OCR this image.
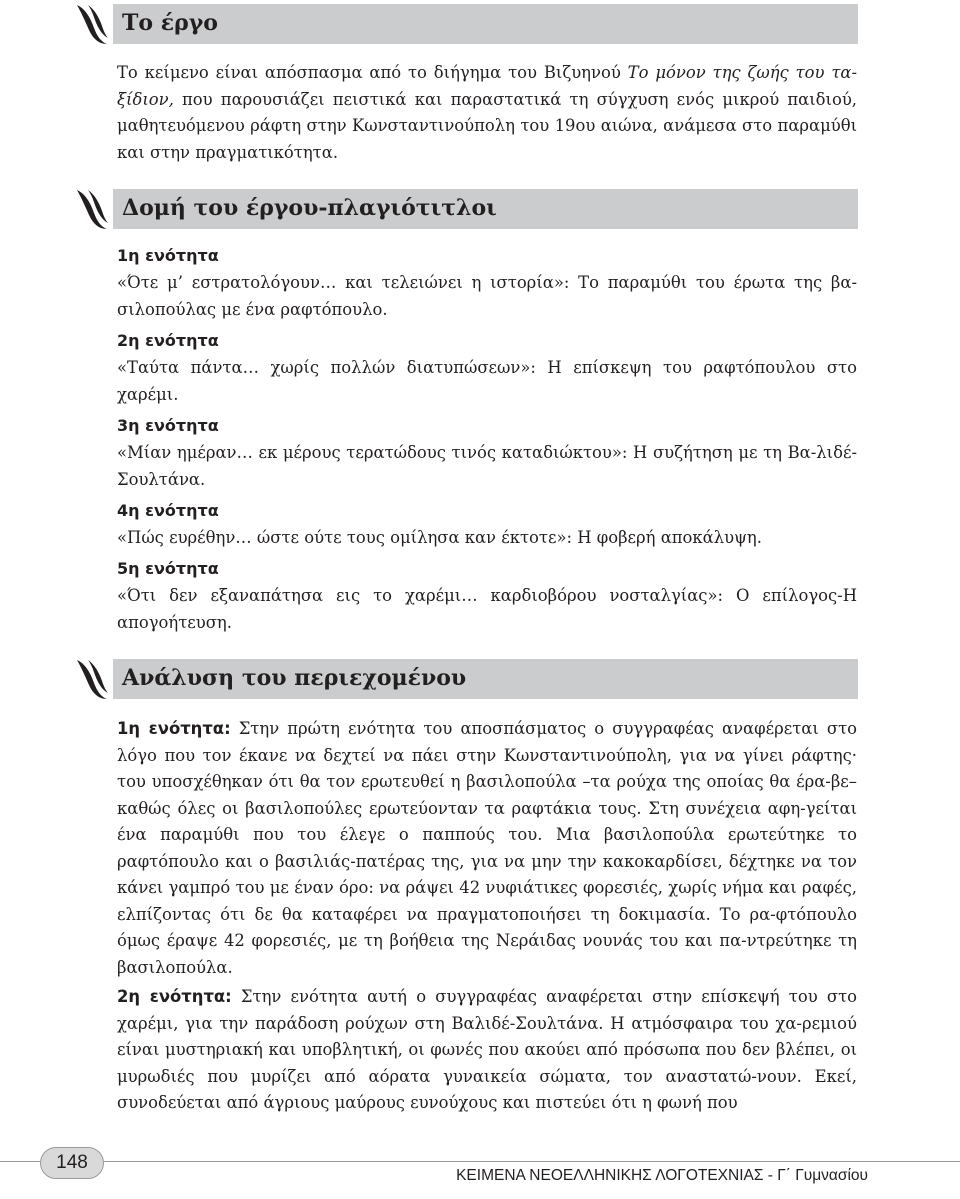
Το έργο
Το κείμενο είναι απόσπασμα από το διήγημα του Βιζυηνού Το μόνον της ζωής του τα-ξίδιον, που παρουσιάζει πειστικά και παραστατικά τη σύγχυση ενός μικρού παιδιού, μαθητευόμενου ράφτη στην Κωνσταντινούπολη του 19ου αιώνα, ανάμεσα στο παραμύθι και στην πραγματικότητα.
Δομή του έργου-πλαγιότιτλοι
1η ενότητα
«Ότε μ’ εστρατολόγουν… και τελειώνει η ιστορία»: Το παραμύθι του έρωτα της βα-σιλοπούλας με ένα ραφτόπουλο.
2η ενότητα
«Ταύτα πάντα… χωρίς πολλών διατυπώσεων»: Η επίσκεψη του ραφτόπουλου στο χαρέμι.
3η ενότητα
«Μίαν ημέραν… εκ μέρους τερατώδους τινός καταδιώκτου»: Η συζήτηση με τη Βα-λιδέ-Σουλτάνα.
4η ενότητα
«Πώς ευρέθην… ώστε ούτε τους ομίλησα καν έκτοτε»: Η φοβερή αποκάλυψη.
5η ενότητα
«Ότι δεν εξαναπάτησα εις το χαρέμι… καρδιοβόρου νοσταλγίας»: Ο επίλογος-Η απογοήτευση.
Ανάλυση του περιεχομένου
1η ενότητα: Στην πρώτη ενότητα του αποσπάσματος ο συγγραφέας αναφέρεται στο λόγο που τον έκανε να δεχτεί να πάει στην Κωνσταντινούπολη, για να γίνει ράφτης· του υποσχέθηκαν ότι θα τον ερωτευθεί η βασιλοπούλα –τα ρούχα της οποίας θα έρα-βε– καθώς όλες οι βασιλοπούλες ερωτεύονταν τα ραφτάκια τους. Στη συνέχεια αφη-γείται ένα παραμύθι που του έλεγε ο παππούς του. Μια βασιλοπούλα ερωτεύτηκε το ραφτόπουλο και ο βασιλιάς-πατέρας της, για να μην την κακοκαρδίσει, δέχτηκε να τον κάνει γαμπρό του με έναν όρο: να ράψει 42 νυφιάτικες φορεσιές, χωρίς νήμα και ραφές, ελπίζοντας ότι δε θα καταφέρει να πραγματοποιήσει τη δοκιμασία. Το ρα-φτόπουλο όμως έραψε 42 φορεσιές, με τη βοήθεια της Νεράιδας νουνάς του και πα-ντρεύτηκε τη βασιλοπούλα.
2η ενότητα: Στην ενότητα αυτή ο συγγραφέας αναφέρεται στην επίσκεψή του στο χαρέμι, για την παράδοση ρούχων στη Βαλιδέ-Σουλτάνα. Η ατμόσφαιρα του χα-ρεμιού είναι μυστηριακή και υποβλητική, οι φωνές που ακούει από πρόσωπα που δεν βλέπει, οι μυρωδιές που μυρίζει από αόρατα γυναικεία σώματα, τον αναστατώ-νουν. Εκεί, συνοδεύεται από άγριους μαύρους ευνούχους και πιστεύει ότι η φωνή που
148
ΚΕΙΜΕΝΑ ΝΕΟΕΛΛΗΝΙΚΗΣ ΛΟΓΟΤΕΧΝΙΑΣ - Γ΄ Γυμνασίου
